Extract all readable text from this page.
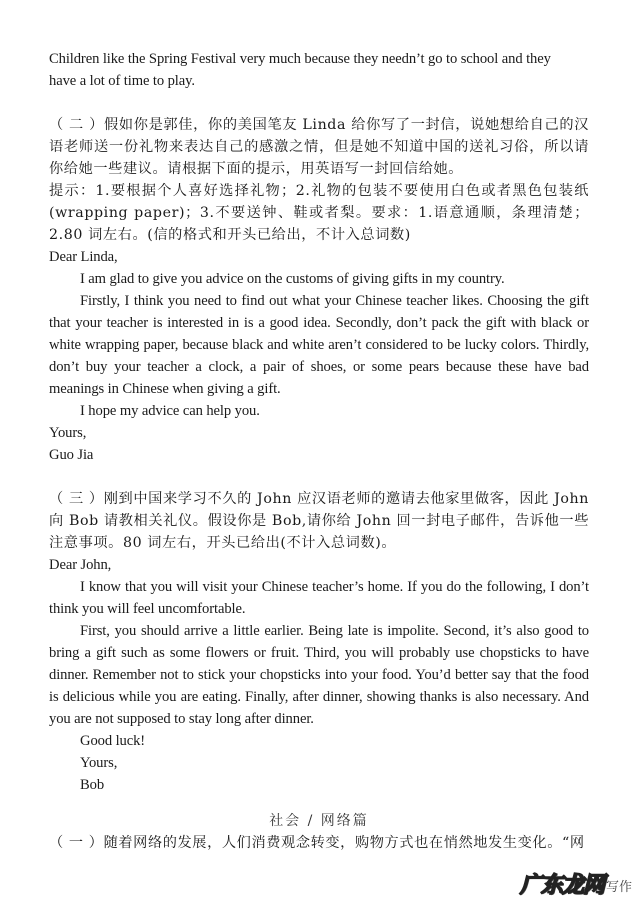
Children like the Spring Festival very much because they needn’t go to school and they

have a lot of time to play.

（ 二 ）假如你是郭佳，你的美国笔友 Linda 给你写了一封信，说她想给自己的汉语老师送一份礼物来表达自己的感激之情，但是她不知道中国的送礼习俗，所以请你给她一些建议。请根据下面的提示，用英语写一封回信给她。

提示：1.要根据个人喜好选择礼物；2.礼物的包装不要使用白色或者黑色包装纸(wrapping paper)；3.不要送钟、鞋或者梨。要求：1.语意通顺，条理清楚；2.80 词左右。(信的格式和开头已给出，不计入总词数)

Dear Linda,

I am glad to give you advice on the customs of giving gifts in my country.

Firstly, I think you need to find out what your Chinese teacher likes. Choosing the gift that your teacher is interested in is a good idea. Secondly, don’t pack the gift with black or white wrapping paper, because black and white aren’t considered to be lucky colors. Thirdly, don’t buy your teacher a clock, a pair of shoes, or some pears because these have bad meanings in Chinese when giving a gift.

I hope my advice can help you.

Yours,

Guo Jia

（ 三 ）刚到中国来学习不久的 John 应汉语老师的邀请去他家里做客，因此 John 向 Bob 请教相关礼仪。假设你是 Bob,请你给 John 回一封电子邮件，告诉他一些注意事项。80 词左右，开头已给出(不计入总词数)。

Dear John,

I know that you will visit your Chinese teacher’s home. If you do the following, I don’t think you will feel uncomfortable.

First, you should arrive a little earlier. Being late is impolite. Second, it’s also good to bring a gift such as some flowers or fruit. Third, you will probably use chopsticks to have dinner. Remember not to stick your chopsticks into your food. You’d better say that the food is delicious while you are eating. Finally, after dinner, showing thanks is also necessary. And you are not supposed to stay long after dinner.

Good luck!

Yours,

Bob

社会 / 网络篇

（ 一 ）随着网络的发展，人们消费观念转变，购物方式也在悄然地发生变化。“网

广东龙网 写作
